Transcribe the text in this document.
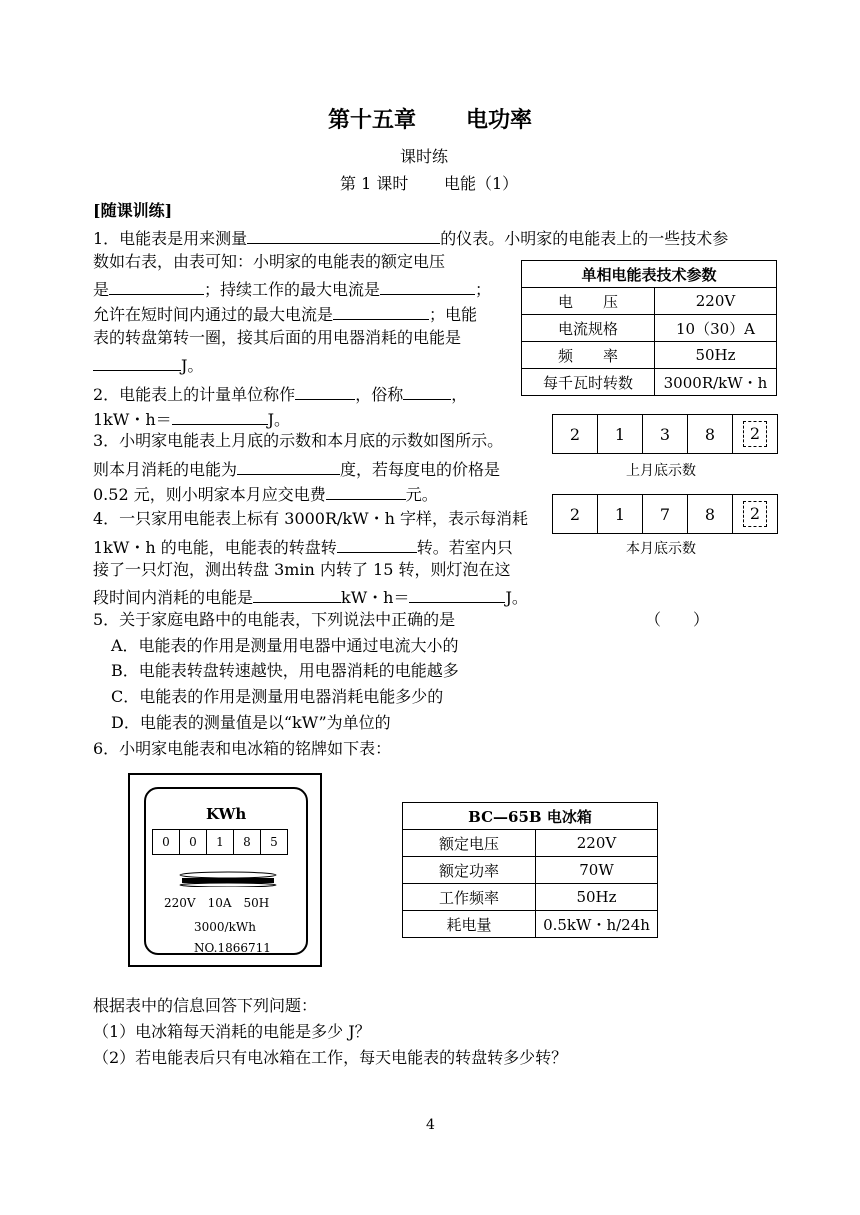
第十五章 电功率
课时练
第 1 课时 电能（1）
[随课训练]
1．电能表是用来测量	的仪表。小明家的电能表上的一些技术参
数如右表，由表可知：小明家的电能表的额定电压
是	；持续工作的最大电流是	；
允许在短时间内通过的最大电流是	；电能
表的转盘第转一圈，接其后面的用电器消耗的电能是
J。
单相电能表技术参数	
电　　压	220V
电流规格	10（30）A
频　　率	50Hz
每千瓦时转数	3000R/kW・h
2．电能表上的计量单位称作	，俗称	，
1kW・h＝	J。
2	1	3	8	2
上月底示数
2	1	7	8	2
本月底示数
3．小明家电能表上月底的示数和本月底的示数如图所示。
则本月消耗的电能为	度，若每度电的价格是
0.52 元，则小明家本月应交电费	元。
4．一只家用电能表上标有 3000R/kW・h 字样，表示每消耗
1kW・h 的电能，电能表的转盘转	转。若室内只
接了一只灯泡，测出转盘 3min 内转了 15 转，则灯泡在这
段时间内消耗的电能是	kW・h＝	J。
5．关于家庭电路中的电能表，下列说法中正确的是	（　　）
A．电能表的作用是测量用电器中通过电流大小的
B．电能表转盘转速越快，用电器消耗的电能越多
C．电能表的作用是测量用电器消耗电能多少的
D．电能表的测量值是以“kW”为单位的
6．小明家电能表和电冰箱的铭牌如下表：
KWh
0	0	1	8	5
220V　10A　50H
3000/kWh
NO.1866711
BC—65B 电冰箱	
额定电压	220V
额定功率	70W
工作频率	50Hz
耗电量	0.5kW・h/24h
根据表中的信息回答下列问题：
（1）电冰箱每天消耗的电能是多少 J？
（2）若电能表后只有电冰箱在工作，每天电能表的转盘转多少转？
4
